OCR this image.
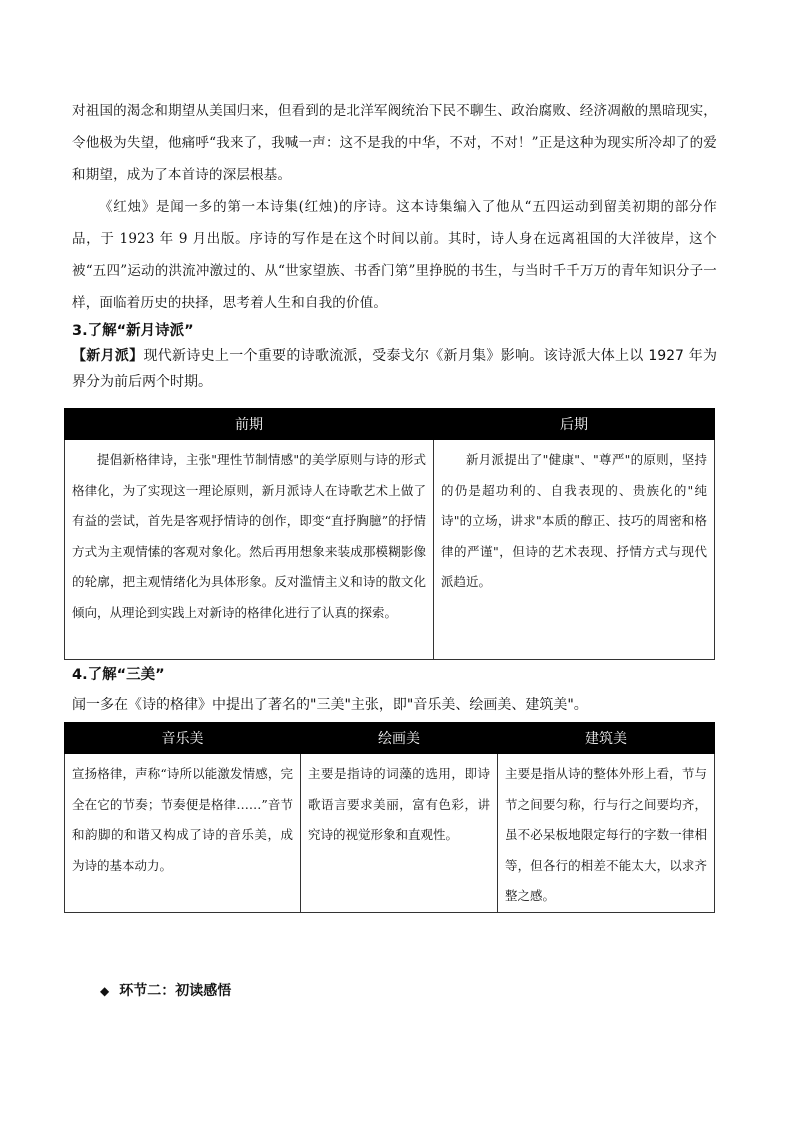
对祖国的渴念和期望从美国归来，但看到的是北洋军阀统治下民不聊生、政治腐败、经济凋敝的黑暗现实，令他极为失望，他痛呼“我来了，我喊一声：这不是我的中华，不对，不对！”正是这种为现实所冷却了的爱和期望，成为了本首诗的深层根基。

《红烛》是闻一多的第一本诗集(红烛)的序诗。这本诗集编入了他从“五四运动到留美初期的部分作品，于 1923 年 9 月出版。序诗的写作是在这个时间以前。其时，诗人身在远离祖国的大洋彼岸，这个被“五四”运动的洪流冲激过的、从“世家望族、书香门第”里挣脱的书生，与当时千千万万的青年知识分子一样，面临着历史的抉择，思考着人生和自我的价值。

3.了解“新月诗派”

【新月派】现代新诗史上一个重要的诗歌流派，受泰戈尔《新月集》影响。该诗派大体上以 1927 年为界分为前后两个时期。

前期	后期
提倡新格律诗，主张"理性节制情感"的美学原则与诗的形式格律化，为了实现这一理论原则，新月派诗人在诗歌艺术上做了有益的尝试，首先是客观抒情诗的创作，即变“直抒胸臆”的抒情方式为主观情愫的客观对象化。然后再用想象来装成那模糊影像的轮廓，把主观情绪化为具体形象。反对滥情主义和诗的散文化倾向，从理论到实践上对新诗的格律化进行了认真的探索。	新月派提出了"健康"、"尊严"的原则，坚持的仍是超功利的、自我表现的、贵族化的"纯诗"的立场，讲求"本质的醇正、技巧的周密和格律的严谨"，但诗的艺术表现、抒情方式与现代派趋近。
4.了解“三美”

闻一多在《诗的格律》中提出了著名的"三美"主张，即"音乐美、绘画美、建筑美"。

音乐美	绘画美	建筑美
宣扬格律，声称“诗所以能激发情感，完全在它的节奏；节奏便是格律……”音节和韵脚的和谐又构成了诗的音乐美，成为诗的基本动力。	主要是指诗的词藻的选用，即诗歌语言要求美丽，富有色彩，讲究诗的视觉形象和直观性。	主要是指从诗的整体外形上看，节与节之间要匀称，行与行之间要均齐，虽不必呆板地限定每行的字数一律相等，但各行的相差不能太大，以求齐整之感。
◆ 环节二：初读感悟
